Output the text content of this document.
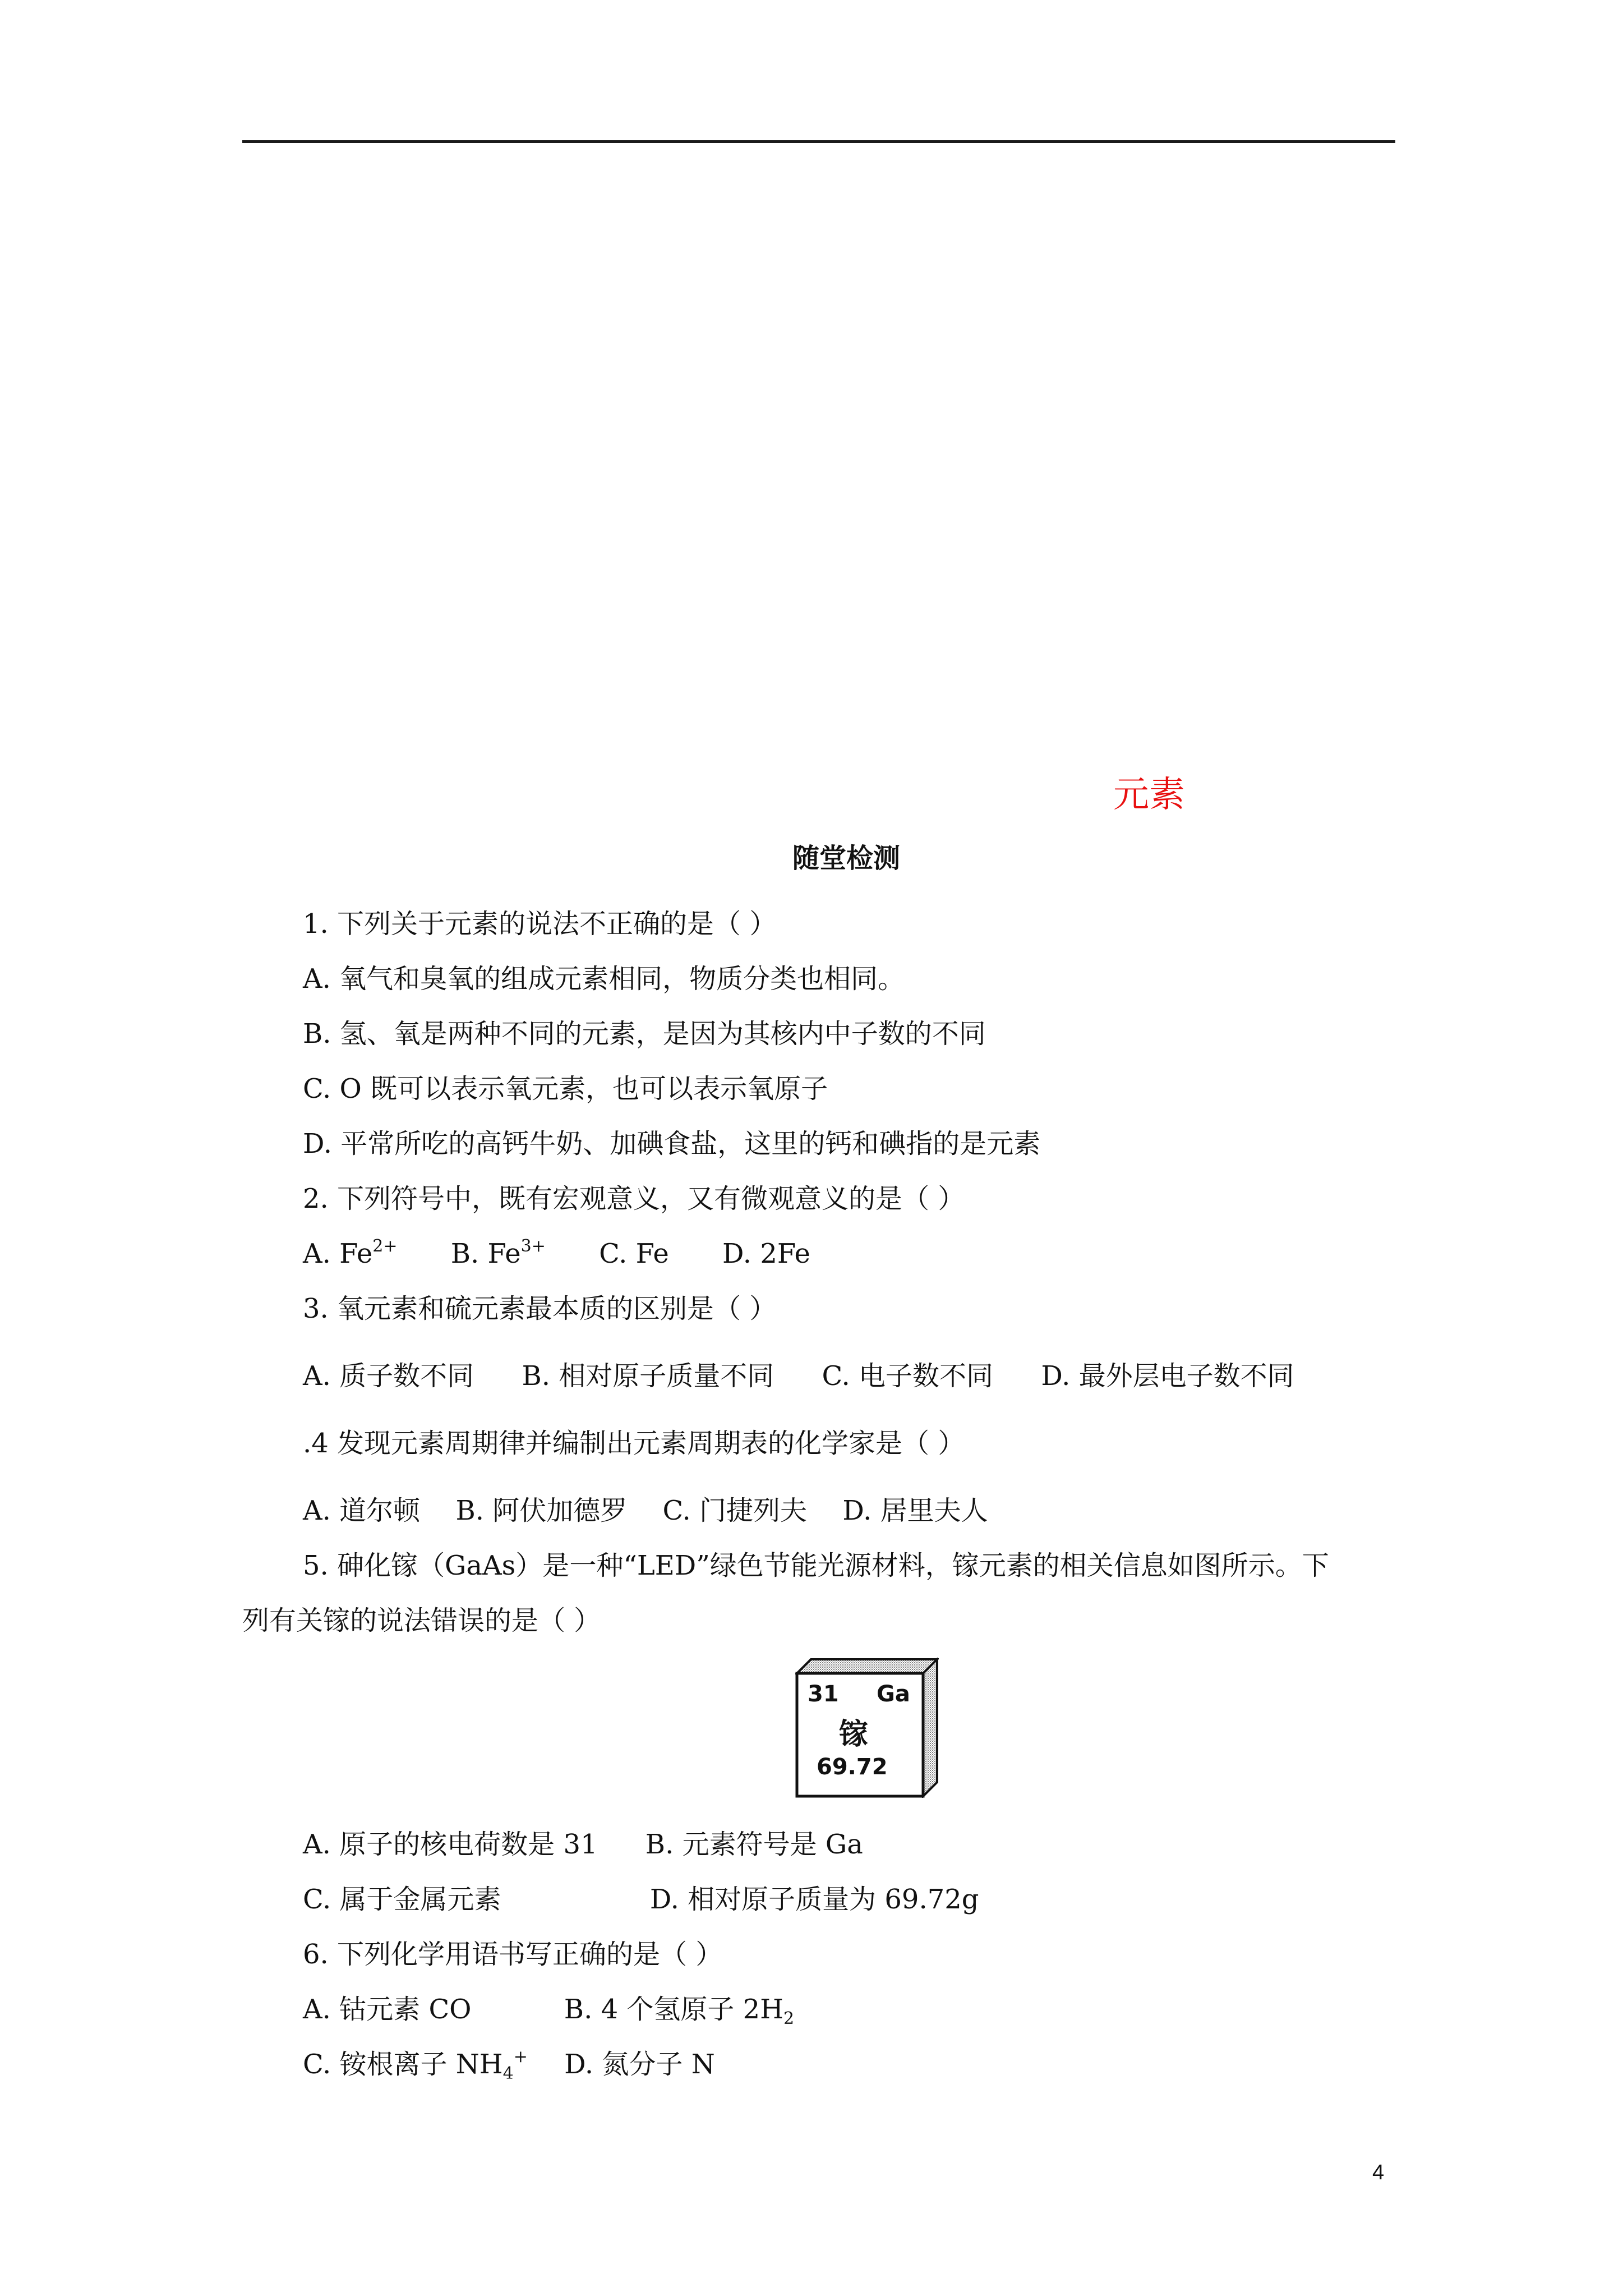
元素
随堂检测
1. 下列关于元素的说法不正确的是（ ）
A. 氧气和臭氧的组成元素相同，物质分类也相同。
B. 氢、氧是两种不同的元素，是因为其核内中子数的不同
C. O 既可以表示氧元素，也可以表示氧原子
D. 平常所吃的高钙牛奶、加碘食盐，这里的钙和碘指的是元素
2. 下列符号中，既有宏观意义，又有微观意义的是（ ）
A. $Fe^{2+}$ B. $Fe^{3+}$ C. Fe D. 2Fe
3. 氧元素和硫元素最本质的区别是（ ）
A. 质子数不同 B. 相对原子质量不同 C. 电子数不同 D. 最外层电子数不同
.4 发现元素周期律并编制出元素周期表的化学家是（ ）
A. 道尔顿 B. 阿伏加德罗 C. 门捷列夫 D. 居里夫人
5. 砷化镓（GaAs）是一种“LED”绿色节能光源材料，镓元素的相关信息如图所示。下
列有关镓的说法错误的是（ ）
31 Ga
镓
69.72
A. 原子的核电荷数是 31 B. 元素符号是 Ga
C. 属于金属元素	D. 相对原子质量为 69.72g
6. 下列化学用语书写正确的是（ ）
A. 钴元素 CO	B. 4 个氢原子 $2H_2$
C. 铵根离子 $NH_4^+$ D. 氮分子 N
4
